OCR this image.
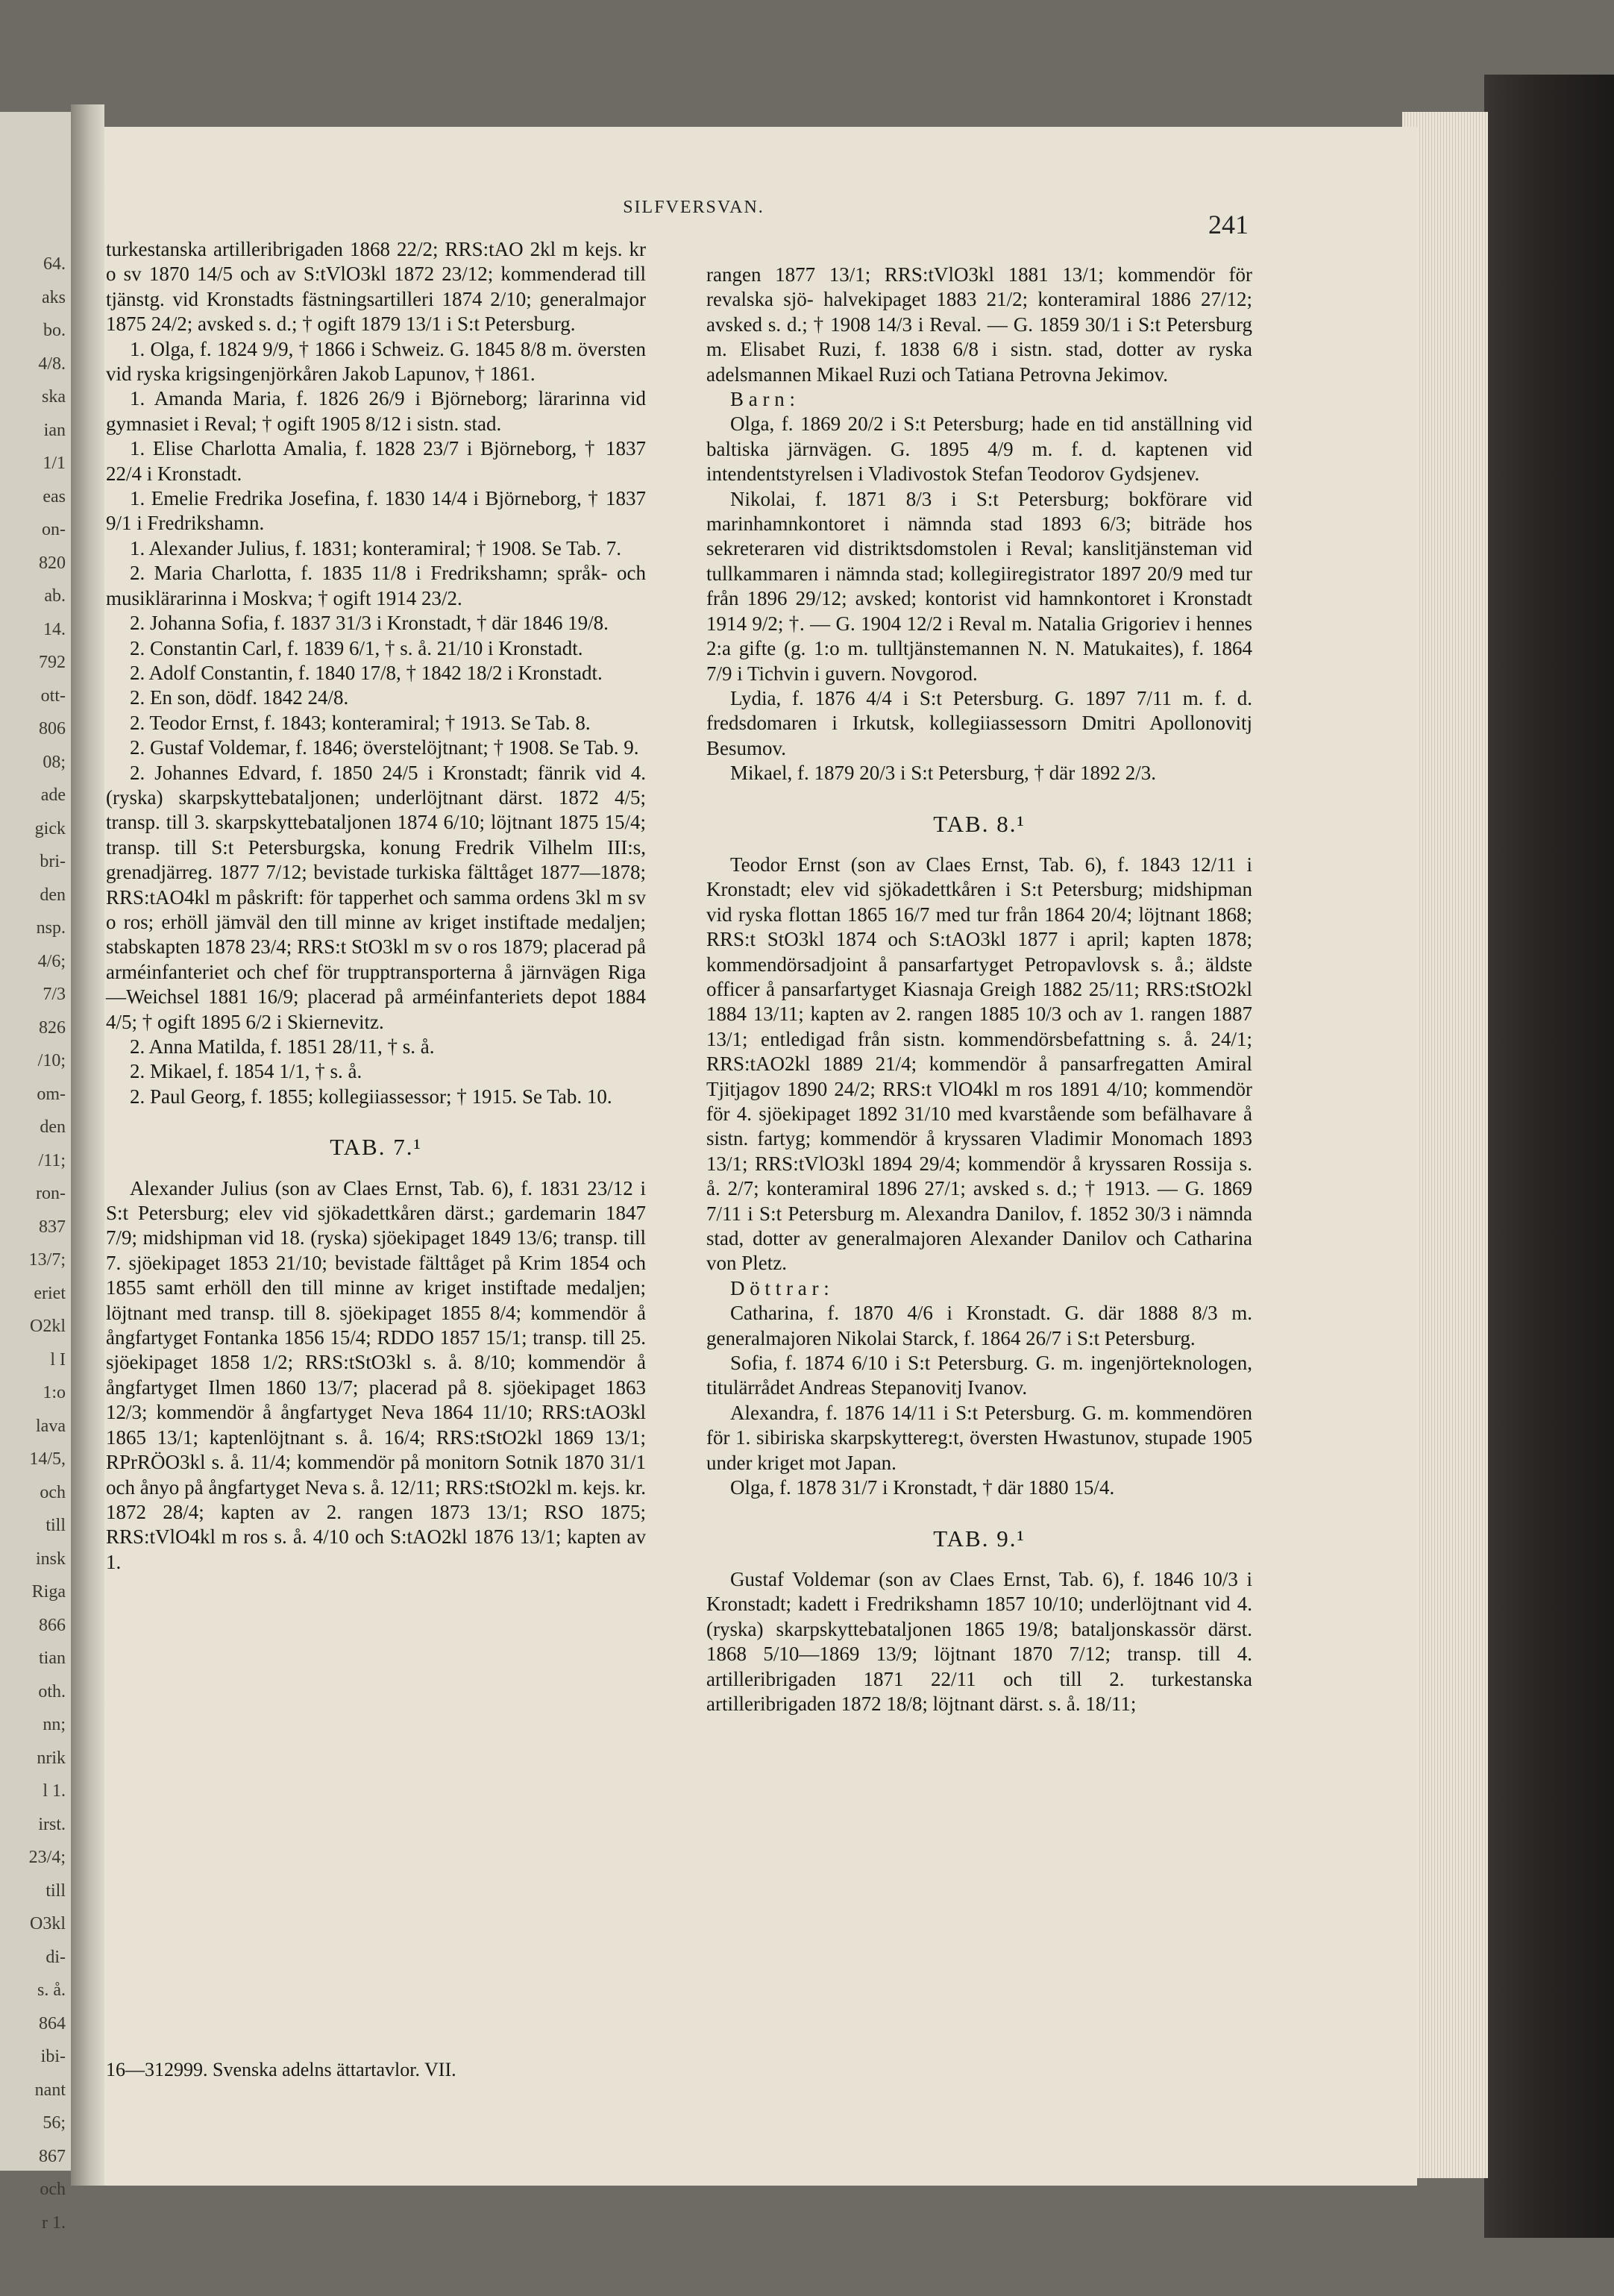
64.
aks
bo.
4/8.
ska
ian
1/1
eas
on-
820
ab.
14.
792
ott-
806
08;
ade
gick
bri-
den
nsp.
4/6;
7/3
826
/10;
om-
den
/11;
ron-
837
13/7;
eriet
O2kl
l I
1:o
lava
14/5,
och
till
insk
Riga
866
tian
oth.
nn;
nrik
l 1.
irst.
23/4;
till
O3kl
di-
s. å.
864
ibi-
nant
56;
867
och
r 1.
SILFVERSVAN.
241

turkestanska artilleribrigaden 1868 22/2; RRS:tAO 2kl m kejs. kr o sv 1870 14/5 och av S:tVlO3kl 1872 23/12; kommenderad till tjänstg. vid Kronstadts fästningsartilleri 1874 2/10; generalmajor 1875 24/2; avsked s. d.; † ogift 1879 13/1 i S:t Petersburg.

1. Olga, f. 1824 9/9, † 1866 i Schweiz. G. 1845 8/8 m. översten vid ryska krigsingenjörkåren Jakob Lapunov, † 1861.

1. Amanda Maria, f. 1826 26/9 i Björneborg; lärarinna vid gymnasiet i Reval; † ogift 1905 8/12 i sistn. stad.

1. Elise Charlotta Amalia, f. 1828 23/7 i Björneborg, † 1837 22/4 i Kronstadt.

1. Emelie Fredrika Josefina, f. 1830 14/4 i Björneborg, † 1837 9/1 i Fredrikshamn.

1. Alexander Julius, f. 1831; konteramiral; † 1908. Se Tab. 7.

2. Maria Charlotta, f. 1835 11/8 i Fredrikshamn; språk- och musiklärarinna i Moskva; † ogift 1914 23/2.

2. Johanna Sofia, f. 1837 31/3 i Kronstadt, † där 1846 19/8.

2. Constantin Carl, f. 1839 6/1, † s. å. 21/10 i Kronstadt.

2. Adolf Constantin, f. 1840 17/8, † 1842 18/2 i Kronstadt.

2. En son, dödf. 1842 24/8.

2. Teodor Ernst, f. 1843; konteramiral; † 1913. Se Tab. 8.

2. Gustaf Voldemar, f. 1846; överstelöjtnant; † 1908. Se Tab. 9.

2. Johannes Edvard, f. 1850 24/5 i Kronstadt; fänrik vid 4. (ryska) skarpskyttebataljonen; underlöjtnant därst. 1872 4/5; transp. till 3. skarpskyttebataljonen 1874 6/10; löjtnant 1875 15/4; transp. till S:t Petersburgska, konung Fredrik Vilhelm III:s, grenadjärreg. 1877 7/12; bevistade turkiska fälttåget 1877—1878; RRS:tAO4kl m påskrift: för tapperhet och samma ordens 3kl m sv o ros; erhöll jämväl den till minne av kriget instiftade medaljen; stabskapten 1878 23/4; RRS:t StO3kl m sv o ros 1879; placerad på arméinfanteriet och chef för trupptransporterna å järnvägen Riga—Weichsel 1881 16/9; placerad på arméinfanteriets depot 1884 4/5; † ogift 1895 6/2 i Skiernevitz.

2. Anna Matilda, f. 1851 28/11, † s. å.

2. Mikael, f. 1854 1/1, † s. å.

2. Paul Georg, f. 1855; kollegiiassessor; † 1915. Se Tab. 10.

TAB. 7.¹

Alexander Julius (son av Claes Ernst, Tab. 6), f. 1831 23/12 i S:t Petersburg; elev vid sjökadettkåren därst.; gardemarin 1847 7/9; midshipman vid 18. (ryska) sjöekipaget 1849 13/6; transp. till 7. sjöekipaget 1853 21/10; bevistade fälttåget på Krim 1854 och 1855 samt erhöll den till minne av kriget instiftade medaljen; löjtnant med transp. till 8. sjöekipaget 1855 8/4; kommendör å ångfartyget Fontanka 1856 15/4; RDDO 1857 15/1; transp. till 25. sjöekipaget 1858 1/2; RRS:tStO3kl s. å. 8/10; kommendör å ångfartyget Ilmen 1860 13/7; placerad på 8. sjöekipaget 1863 12/3; kommendör å ångfartyget Neva 1864 11/10; RRS:tAO3kl 1865 13/1; kaptenlöjtnant s. å. 16/4; RRS:tStO2kl 1869 13/1; RPrRÖO3kl s. å. 11/4; kommendör på monitorn Sotnik 1870 31/1 och ånyo på ångfartyget Neva s. å. 12/11; RRS:tStO2kl m. kejs. kr. 1872 28/4; kapten av 2. rangen 1873 13/1; RSO 1875; RRS:tVlO4kl m ros s. å. 4/10 och S:tAO2kl 1876 13/1; kapten av 1.

16—312999. Svenska adelns ättartavlor. VII.

rangen 1877 13/1; RRS:tVlO3kl 1881 13/1; kommendör för revalska sjö- halvekipaget 1883 21/2; konteramiral 1886 27/12; avsked s. d.; † 1908 14/3 i Reval. — G. 1859 30/1 i S:t Petersburg m. Elisabet Ruzi, f. 1838 6/8 i sistn. stad, dotter av ryska adelsmannen Mikael Ruzi och Tatiana Petrovna Jekimov.

B a r n :

Olga, f. 1869 20/2 i S:t Petersburg; hade en tid anställning vid baltiska järnvägen. G. 1895 4/9 m. f. d. kaptenen vid intendentstyrelsen i Vladivostok Stefan Teodorov Gydsjenev.

Nikolai, f. 1871 8/3 i S:t Petersburg; bokförare vid marinhamnkontoret i nämnda stad 1893 6/3; biträde hos sekreteraren vid distriktsdomstolen i Reval; kanslitjänsteman vid tullkammaren i nämnda stad; kollegiiregistrator 1897 20/9 med tur från 1896 29/12; avsked; kontorist vid hamnkontoret i Kronstadt 1914 9/2; †. — G. 1904 12/2 i Reval m. Natalia Grigoriev i hennes 2:a gifte (g. 1:o m. tulltjänstemannen N. N. Matukaites), f. 1864 7/9 i Tichvin i guvern. Novgorod.

Lydia, f. 1876 4/4 i S:t Petersburg. G. 1897 7/11 m. f. d. fredsdomaren i Irkutsk, kollegiiassessorn Dmitri Apollonovitj Besumov.

Mikael, f. 1879 20/3 i S:t Petersburg, † där 1892 2/3.

TAB. 8.¹

Teodor Ernst (son av Claes Ernst, Tab. 6), f. 1843 12/11 i Kronstadt; elev vid sjökadettkåren i S:t Petersburg; midshipman vid ryska flottan 1865 16/7 med tur från 1864 20/4; löjtnant 1868; RRS:t StO3kl 1874 och S:tAO3kl 1877 i april; kapten 1878; kommendörsadjoint å pansarfartyget Petropavlovsk s. å.; äldste officer å pansarfartyget Kiasnaja Greigh 1882 25/11; RRS:tStO2kl 1884 13/11; kapten av 2. rangen 1885 10/3 och av 1. rangen 1887 13/1; entledigad från sistn. kommendörsbefattning s. å. 24/1; RRS:tAO2kl 1889 21/4; kommendör å pansarfregatten Amiral Tjitjagov 1890 24/2; RRS:t VlO4kl m ros 1891 4/10; kommendör för 4. sjöekipaget 1892 31/10 med kvarstående som befälhavare å sistn. fartyg; kommendör å kryssaren Vladimir Monomach 1893 13/1; RRS:tVlO3kl 1894 29/4; kommendör å kryssaren Rossija s. å. 2/7; konteramiral 1896 27/1; avsked s. d.; † 1913. — G. 1869 7/11 i S:t Petersburg m. Alexandra Danilov, f. 1852 30/3 i nämnda stad, dotter av generalmajoren Alexander Danilov och Catharina von Pletz.

D ö t t r a r :

Catharina, f. 1870 4/6 i Kronstadt. G. där 1888 8/3 m. generalmajoren Nikolai Starck, f. 1864 26/7 i S:t Petersburg.

Sofia, f. 1874 6/10 i S:t Petersburg. G. m. ingenjörteknologen, titulärrådet Andreas Stepanovitj Ivanov.

Alexandra, f. 1876 14/11 i S:t Petersburg. G. m. kommendören för 1. sibiriska skarpskyttereg:t, översten Hwastunov, stupade 1905 under kriget mot Japan.

Olga, f. 1878 31/7 i Kronstadt, † där 1880 15/4.

TAB. 9.¹

Gustaf Voldemar (son av Claes Ernst, Tab. 6), f. 1846 10/3 i Kronstadt; kadett i Fredrikshamn 1857 10/10; underlöjtnant vid 4. (ryska) skarpskyttebataljonen 1865 19/8; bataljonskassör därst. 1868 5/10—1869 13/9; löjtnant 1870 7/12; transp. till 4. artilleribrigaden 1871 22/11 och till 2. turkestanska artilleribrigaden 1872 18/8; löjtnant därst. s. å. 18/11;
